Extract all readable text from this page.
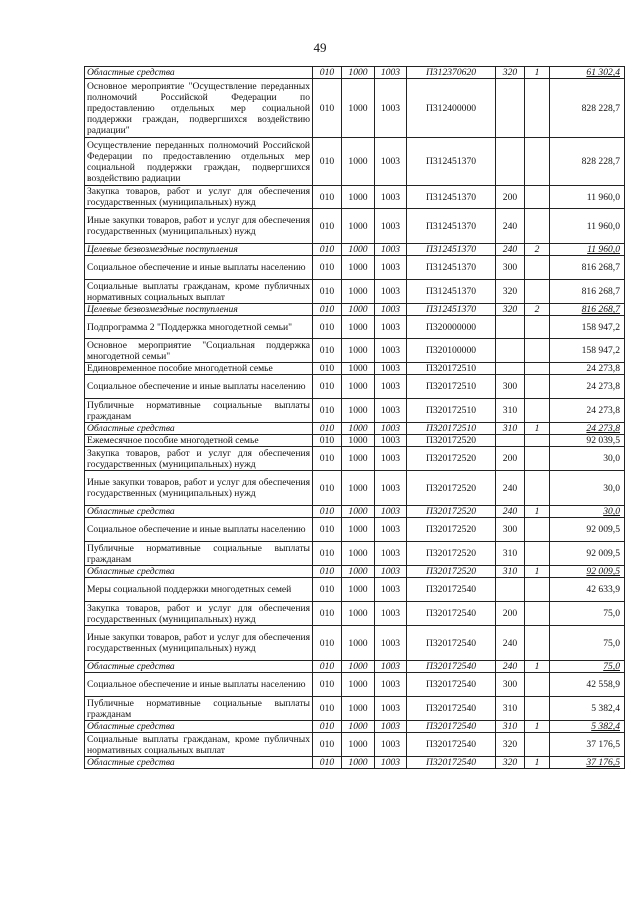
49
Областные средства	010	1000	1003	П312370620	320	1	61 302,4
Основное мероприятие "Осуществление переданных полномочий Российской Федерации по предоставлению отдельных мер социальной поддержки граждан, подвергшихся воздействию радиации"	010	1000	1003	П312400000			828 228,7
Осуществление переданных полномочий Российской Федерации по предоставлению отдельных мер социальной поддержки граждан, подвергшихся воздействию радиации	010	1000	1003	П312451370			828 228,7
Закупка товаров, работ и услуг для обеспечения государственных (муниципальных) нужд	010	1000	1003	П312451370	200		11 960,0
Иные закупки товаров, работ и услуг для обеспечения государственных (муниципальных) нужд	010	1000	1003	П312451370	240		11 960,0
Целевые безвозмездные поступления	010	1000	1003	П312451370	240	2	11 960,0
Социальное обеспечение и иные выплаты населению	010	1000	1003	П312451370	300		816 268,7
Социальные выплаты гражданам, кроме публичных нормативных социальных выплат	010	1000	1003	П312451370	320		816 268,7
Целевые безвозмездные поступления	010	1000	1003	П312451370	320	2	816 268,7
Подпрограмма 2 "Поддержка многодетной семьи"	010	1000	1003	П320000000			158 947,2
Основное мероприятие "Социальная поддержка многодетной семьи"	010	1000	1003	П320100000			158 947,2
Единовременное пособие многодетной семье	010	1000	1003	П320172510			24 273,8
Социальное обеспечение и иные выплаты населению	010	1000	1003	П320172510	300		24 273,8
Публичные нормативные социальные выплаты гражданам	010	1000	1003	П320172510	310		24 273,8
Областные средства	010	1000	1003	П320172510	310	1	24 273,8
Ежемесячное пособие многодетной семье	010	1000	1003	П320172520			92 039,5
Закупка товаров, работ и услуг для обеспечения государственных (муниципальных) нужд	010	1000	1003	П320172520	200		30,0
Иные закупки товаров, работ и услуг для обеспечения государственных (муниципальных) нужд	010	1000	1003	П320172520	240		30,0
Областные средства	010	1000	1003	П320172520	240	1	30,0
Социальное обеспечение и иные выплаты населению	010	1000	1003	П320172520	300		92 009,5
Публичные нормативные социальные выплаты гражданам	010	1000	1003	П320172520	310		92 009,5
Областные средства	010	1000	1003	П320172520	310	1	92 009,5
Меры социальной поддержки многодетных семей	010	1000	1003	П320172540			42 633,9
Закупка товаров, работ и услуг для обеспечения государственных (муниципальных) нужд	010	1000	1003	П320172540	200		75,0
Иные закупки товаров, работ и услуг для обеспечения государственных (муниципальных) нужд	010	1000	1003	П320172540	240		75,0
Областные средства	010	1000	1003	П320172540	240	1	75,0
Социальное обеспечение и иные выплаты населению	010	1000	1003	П320172540	300		42 558,9
Публичные нормативные социальные выплаты гражданам	010	1000	1003	П320172540	310		5 382,4
Областные средства	010	1000	1003	П320172540	310	1	5 382,4
Социальные выплаты гражданам, кроме публичных нормативных социальных выплат	010	1000	1003	П320172540	320		37 176,5
Областные средства	010	1000	1003	П320172540	320	1	37 176,5
